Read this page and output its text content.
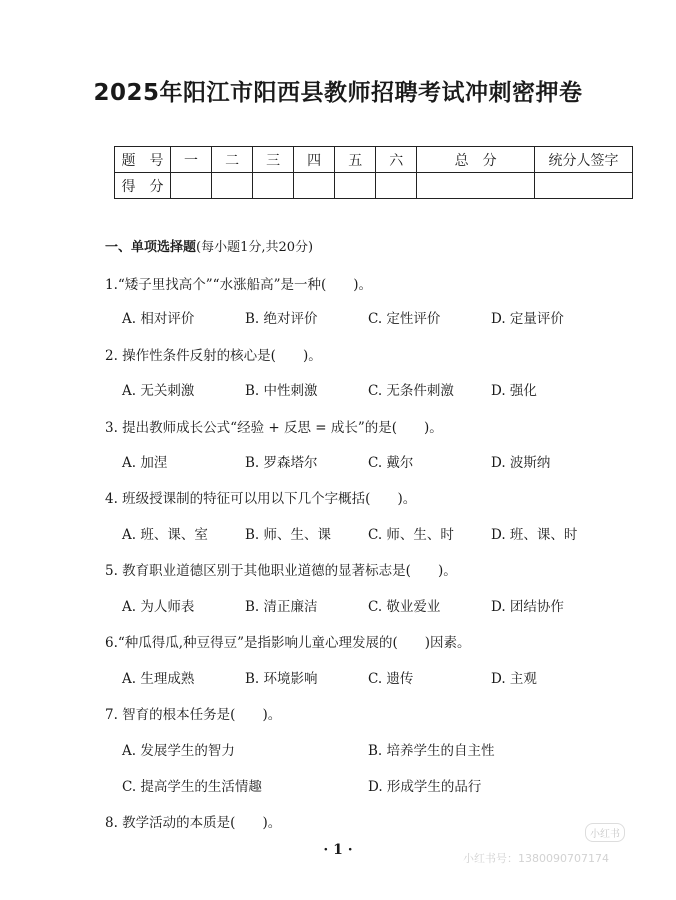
2025年阳江市阳西县教师招聘考试冲刺密押卷
题　号	一	二	三	四	五	六	总　分	统分人签字
得　分								
一、单项选择题(每小题1分,共20分)
1.“矮子里找高个”“水涨船高”是一种(　　)。
A. 相对评价	B. 绝对评价	C. 定性评价	D. 定量评价
2. 操作性条件反射的核心是(　　)。
A. 无关刺激	B. 中性刺激	C. 无条件刺激	D. 强化
3. 提出教师成长公式“经验 + 反思 = 成长”的是(　　)。
A. 加涅	B. 罗森塔尔	C. 戴尔	D. 波斯纳
4. 班级授课制的特征可以用以下几个字概括(　　)。
A. 班、课、室	B. 师、生、课	C. 师、生、时	D. 班、课、时
5. 教育职业道德区别于其他职业道德的显著标志是(　　)。
A. 为人师表	B. 清正廉洁	C. 敬业爱业	D. 团结协作
6.“种瓜得瓜,种豆得豆”是指影响儿童心理发展的(　　)因素。
A. 生理成熟	B. 环境影响	C. 遗传	D. 主观
7. 智育的根本任务是(　　)。
A. 发展学生的智力	B. 培养学生的自主性
C. 提高学生的生活情趣	D. 形成学生的品行
8. 教学活动的本质是(　　)。
· 1 ·
小红书
小红书号：1380090707174
